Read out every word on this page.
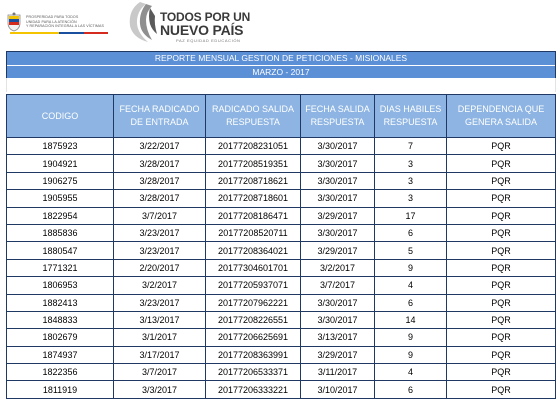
PROSPERIDAD PARA TODOS
UNIDAD PARA LA ATENCIÓN
Y REPARACIÓN INTEGRAL A LAS VÍCTIMAS
TODOS POR UN
NUEVO PAÍS
PAZ EQUIDAD EDUCACIÓN
REPORTE MENSUAL GESTION DE PETICIONES - MISIONALES
MARZO - 2017
CODIGO	FECHA RADICADO DE ENTRADA	RADICADO SALIDA RESPUESTA	FECHA SALIDA RESPUESTA	DIAS HABILES RESPUESTA	DEPENDENCIA QUE GENERA SALIDA
1875923	3/22/2017	20177208231051	3/30/2017	7	PQR
1904921	3/28/2017	20177208519351	3/30/2017	3	PQR
1906275	3/28/2017	20177208718621	3/30/2017	3	PQR
1905955	3/28/2017	20177208718601	3/30/2017	3	PQR
1822954	3/7/2017	20177208186471	3/29/2017	17	PQR
1885836	3/23/2017	20177208520711	3/30/2017	6	PQR
1880547	3/23/2017	20177208364021	3/29/2017	5	PQR
1771321	2/20/2017	20177304601701	3/2/2017	9	PQR
1806953	3/2/2017	20177205937071	3/7/2017	4	PQR
1882413	3/23/2017	20177207962221	3/30/2017	6	PQR
1848833	3/13/2017	20177208226551	3/30/2017	14	PQR
1802679	3/1/2017	20177206625691	3/13/2017	9	PQR
1874937	3/17/2017	20177208363991	3/29/2017	9	PQR
1822356	3/7/2017	20177206533371	3/11/2017	4	PQR
1811919	3/3/2017	20177206333221	3/10/2017	6	PQR
